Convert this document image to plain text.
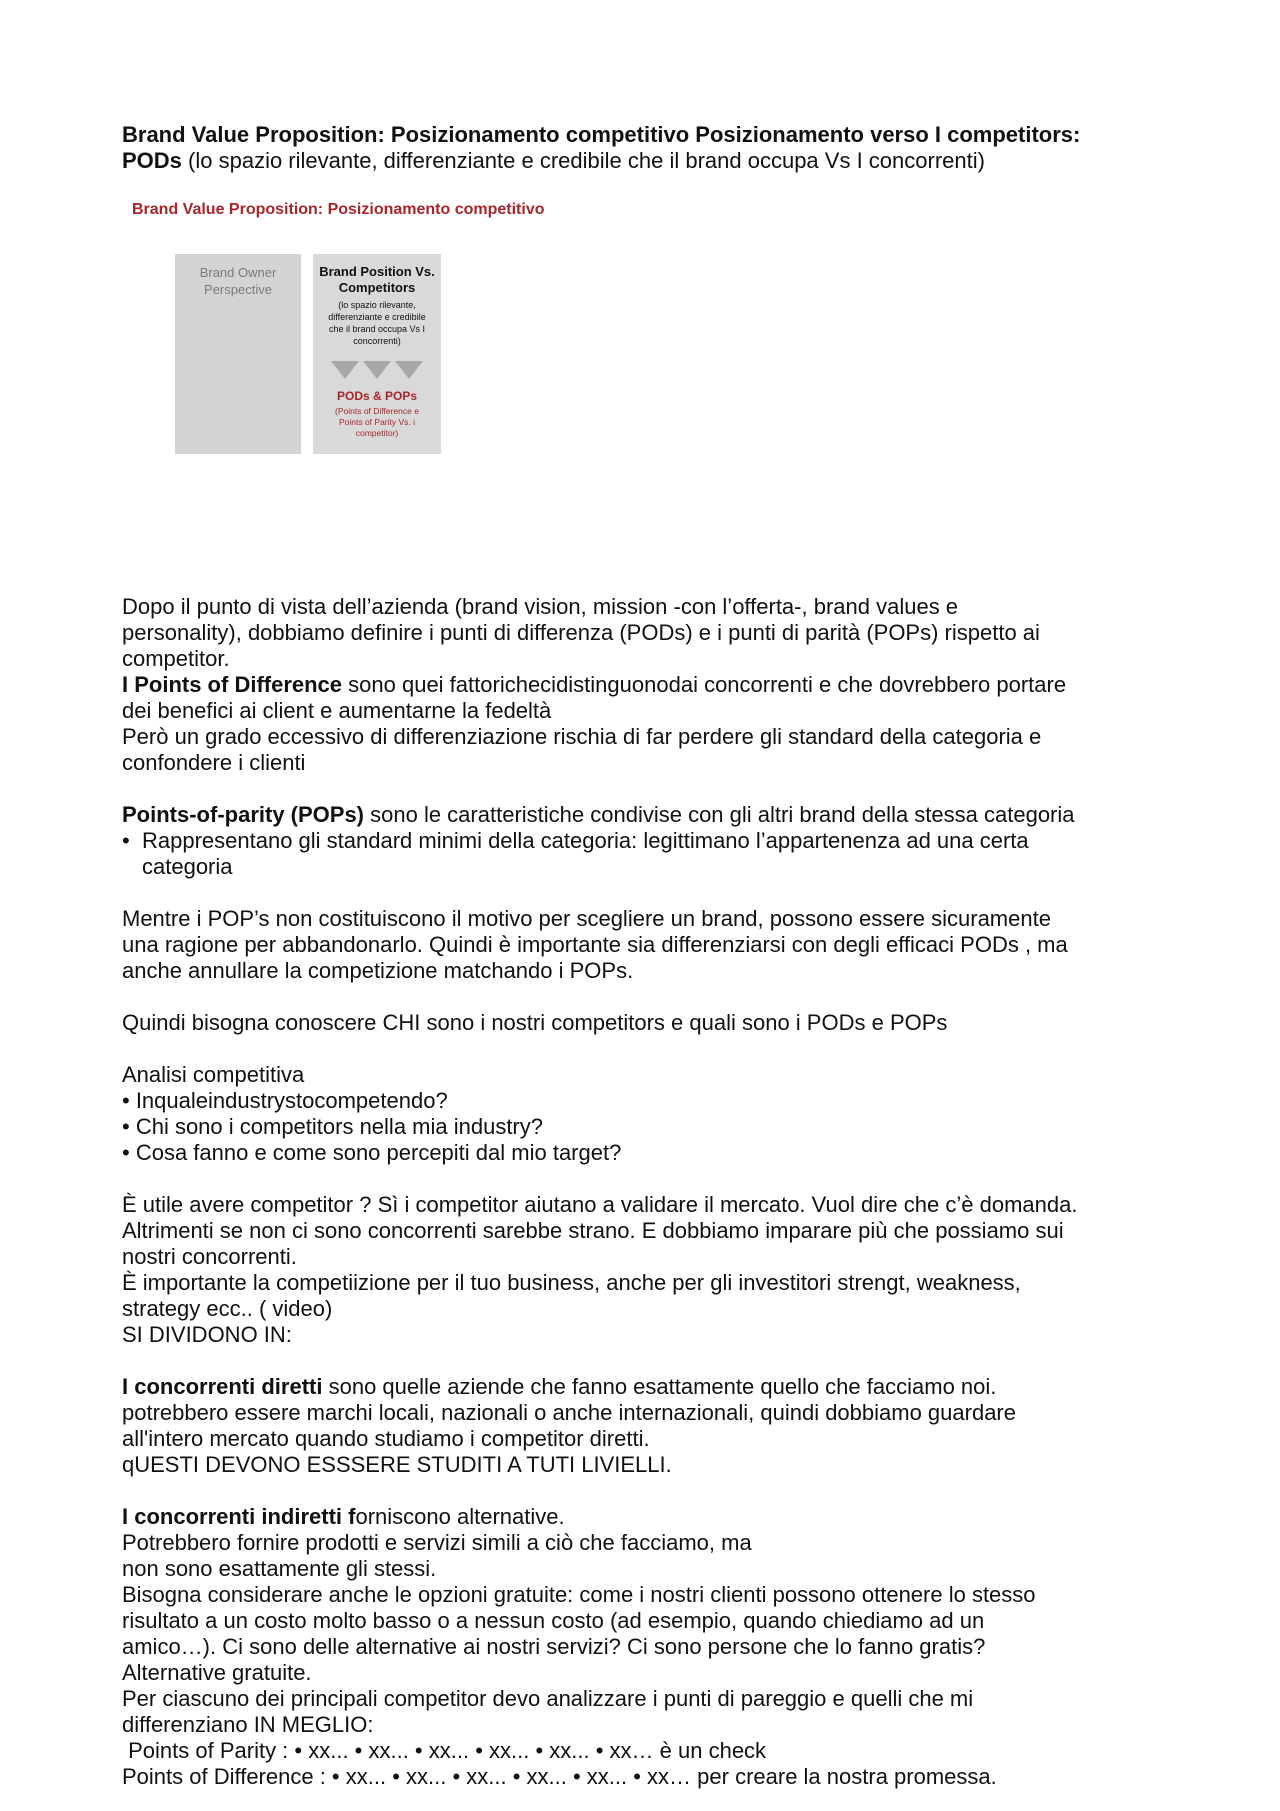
Brand Value Proposition: Posizionamento competitivo Posizionamento verso I competitors:

PODs (lo spazio rilevante, differenziante e credibile che il brand occupa Vs I concorrenti)

Brand Value Proposition: Posizionamento competitivo
Brand Owner
Perspective
Brand Position Vs.
Competitors
(lo spazio rilevante,
differenziante e credibile
che il brand occupa Vs I
concorrenti)
PODs & POPs
(Points of Difference e
Points of Parity Vs. i
competitor)

Dopo il punto di vista dell’azienda (brand vision, mission -con l’offerta-, brand values e

personality), dobbiamo definire i punti di differenza (PODs) e i punti di parità (POPs) rispetto ai

competitor.

I Points of Difference sono quei fattorichecidistinguonodai concorrenti e che dovrebbero portare

dei benefici ai client e aumentarne la fedeltà

Però un grado eccessivo di differenziazione rischia di far perdere gli standard della categoria e

confondere i clienti

Points-of-parity (POPs) sono le caratteristiche condivise con gli altri brand della stessa categoria

• Rappresentano gli standard minimi della categoria: legittimano l’appartenenza ad una certa
categoria

Mentre i POP’s non costituiscono il motivo per scegliere un brand, possono essere sicuramente

una ragione per abbandonarlo. Quindi è importante sia differenziarsi con degli efficaci PODs , ma

anche annullare la competizione matchando i POPs.

Quindi bisogna conoscere CHI sono i nostri competitors e quali sono i PODs e POPs

Analisi competitiva

• Inqualeindustrystocompetendo?

• Chi sono i competitors nella mia industry?

• Cosa fanno e come sono percepiti dal mio target?

È utile avere competitor ? Sì i competitor aiutano a validare il mercato. Vuol dire che c’è domanda.

Altrimenti se non ci sono concorrenti sarebbe strano. E dobbiamo imparare più che possiamo sui

nostri concorrenti.

È importante la competiizione per il tuo business, anche per gli investitori strengt, weakness,

strategy ecc.. ( video)

SI DIVIDONO IN:

I concorrenti diretti sono quelle aziende che fanno esattamente quello che facciamo noi.

potrebbero essere marchi locali, nazionali o anche internazionali, quindi dobbiamo guardare

all'intero mercato quando studiamo i competitor diretti.

qUESTI DEVONO ESSSERE STUDITI A TUTI LIVIELLI.

I concorrenti indiretti forniscono alternative.

Potrebbero fornire prodotti e servizi simili a ciò che facciamo, ma

non sono esattamente gli stessi.

Bisogna considerare anche le opzioni gratuite: come i nostri clienti possono ottenere lo stesso

risultato a un costo molto basso o a nessun costo (ad esempio, quando chiediamo ad un

amico…). Ci sono delle alternative ai nostri servizi? Ci sono persone che lo fanno gratis?

Alternative gratuite.

Per ciascuno dei principali competitor devo analizzare i punti di pareggio e quelli che mi

differenziano IN MEGLIO:

Points of Parity : • xx... • xx... • xx... • xx... • xx... • xx… è un check

Points of Difference : • xx... • xx... • xx... • xx... • xx... • xx… per creare la nostra promessa.
